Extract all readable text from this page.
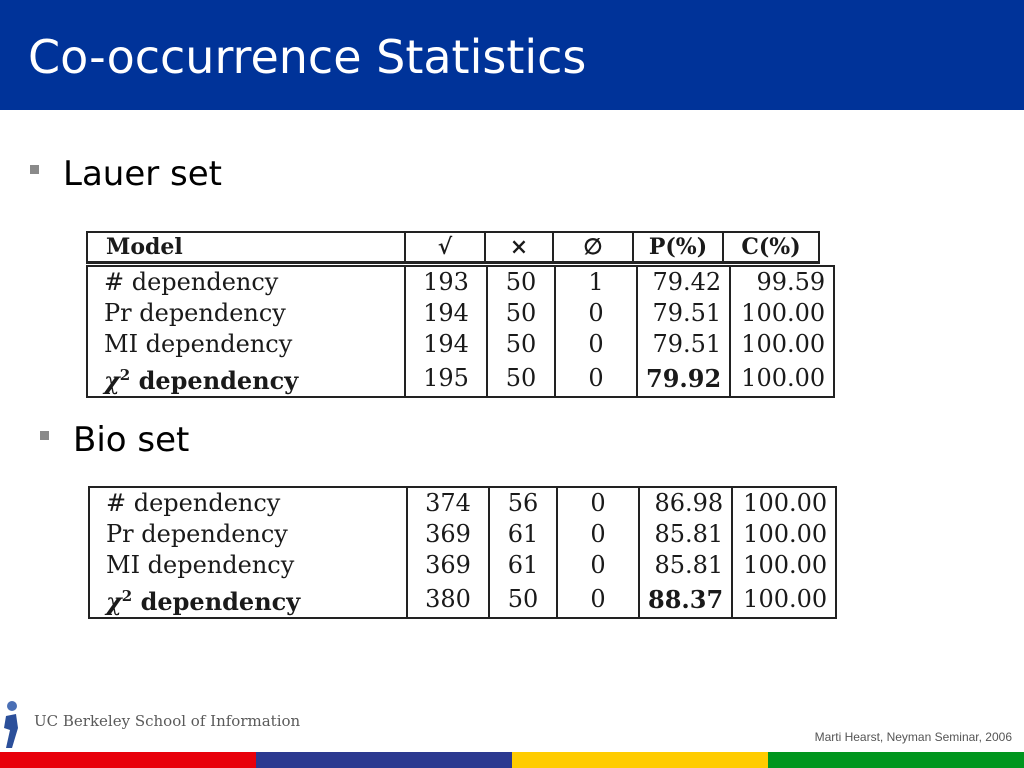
Co-occurrence Statistics
Lauer set
Model	√	×	∅	P(%)	C(%)
# dependency	193	50	1	79.42	99.59
Pr dependency	194	50	0	79.51	100.00
MI dependency	194	50	0	79.51	100.00
$\chi^2$ dependency	195	50	0	79.92	100.00
Bio set
# dependency	374	56	0	86.98	100.00
Pr dependency	369	61	0	85.81	100.00
MI dependency	369	61	0	85.81	100.00
$\chi^2$ dependency	380	50	0	88.37	100.00
UC Berkeley School of Information
Marti Hearst, Neyman Seminar, 2006
